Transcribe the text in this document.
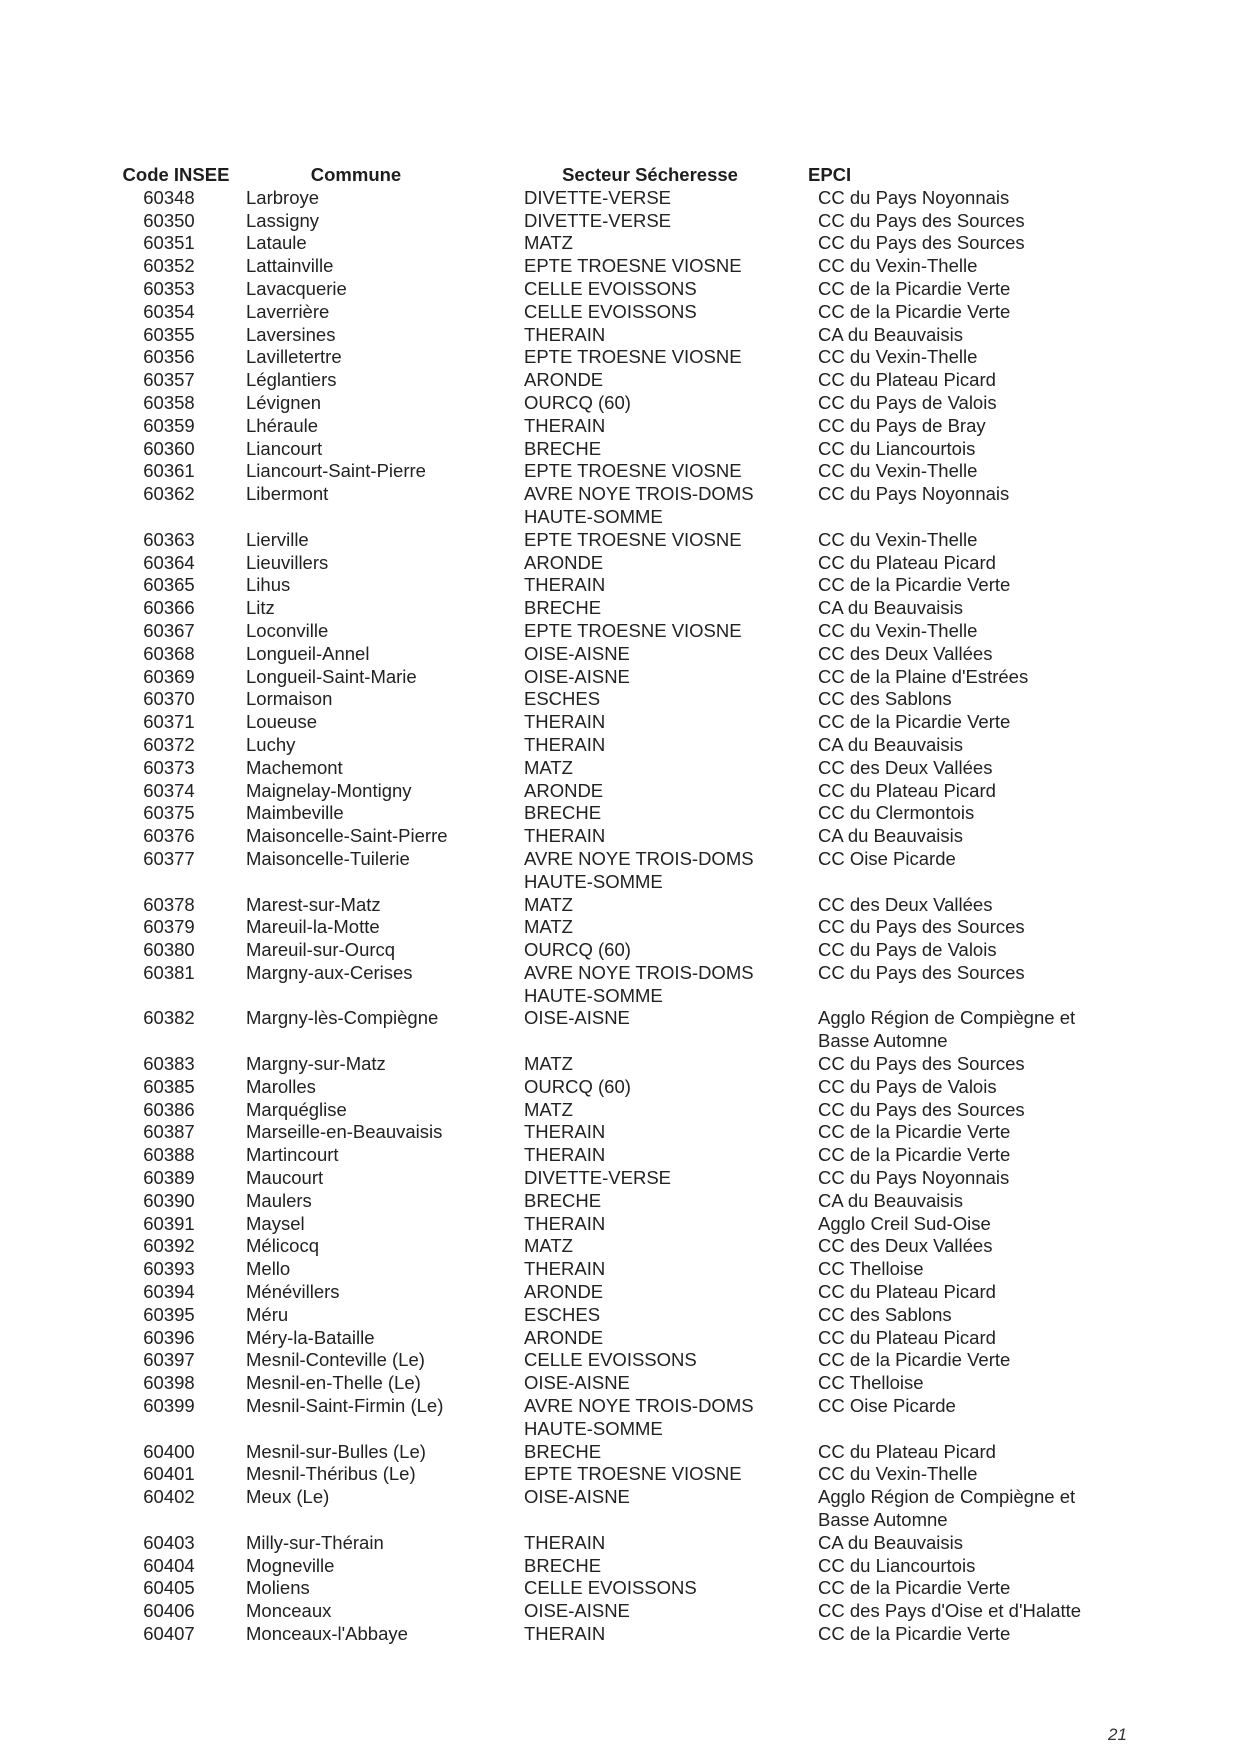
Code INSEE	Commune	Secteur Sécheresse	EPCI
60348	Larbroye	DIVETTE-VERSE	CC du Pays Noyonnais
60350	Lassigny	DIVETTE-VERSE	CC du Pays des Sources
60351	Lataule	MATZ	CC du Pays des Sources
60352	Lattainville	EPTE TROESNE VIOSNE	CC du Vexin-Thelle
60353	Lavacquerie	CELLE EVOISSONS	CC de la Picardie Verte
60354	Laverrière	CELLE EVOISSONS	CC de la Picardie Verte
60355	Laversines	THERAIN	CA du Beauvaisis
60356	Lavilletertre	EPTE TROESNE VIOSNE	CC du Vexin-Thelle
60357	Léglantiers	ARONDE	CC du Plateau Picard
60358	Lévignen	OURCQ (60)	CC du Pays de Valois
60359	Lhéraule	THERAIN	CC du Pays de Bray
60360	Liancourt	BRECHE	CC du Liancourtois
60361	Liancourt-Saint-Pierre	EPTE TROESNE VIOSNE	CC du Vexin-Thelle
60362	Libermont	AVRE NOYE TROIS-DOMS HAUTE-SOMME	CC du Pays Noyonnais
60363	Lierville	EPTE TROESNE VIOSNE	CC du Vexin-Thelle
60364	Lieuvillers	ARONDE	CC du Plateau Picard
60365	Lihus	THERAIN	CC de la Picardie Verte
60366	Litz	BRECHE	CA du Beauvaisis
60367	Loconville	EPTE TROESNE VIOSNE	CC du Vexin-Thelle
60368	Longueil-Annel	OISE-AISNE	CC des Deux Vallées
60369	Longueil-Saint-Marie	OISE-AISNE	CC de la Plaine d'Estrées
60370	Lormaison	ESCHES	CC des Sablons
60371	Loueuse	THERAIN	CC de la Picardie Verte
60372	Luchy	THERAIN	CA du Beauvaisis
60373	Machemont	MATZ	CC des Deux Vallées
60374	Maignelay-Montigny	ARONDE	CC du Plateau Picard
60375	Maimbeville	BRECHE	CC du Clermontois
60376	Maisoncelle-Saint-Pierre	THERAIN	CA du Beauvaisis
60377	Maisoncelle-Tuilerie	AVRE NOYE TROIS-DOMS HAUTE-SOMME	CC Oise Picarde
60378	Marest-sur-Matz	MATZ	CC des Deux Vallées
60379	Mareuil-la-Motte	MATZ	CC du Pays des Sources
60380	Mareuil-sur-Ourcq	OURCQ (60)	CC du Pays de Valois
60381	Margny-aux-Cerises	AVRE NOYE TROIS-DOMS HAUTE-SOMME	CC du Pays des Sources
60382	Margny-lès-Compiègne	OISE-AISNE	Agglo Région de Compiègne et Basse Automne
60383	Margny-sur-Matz	MATZ	CC du Pays des Sources
60385	Marolles	OURCQ (60)	CC du Pays de Valois
60386	Marquéglise	MATZ	CC du Pays des Sources
60387	Marseille-en-Beauvaisis	THERAIN	CC de la Picardie Verte
60388	Martincourt	THERAIN	CC de la Picardie Verte
60389	Maucourt	DIVETTE-VERSE	CC du Pays Noyonnais
60390	Maulers	BRECHE	CA du Beauvaisis
60391	Maysel	THERAIN	Agglo Creil Sud-Oise
60392	Mélicocq	MATZ	CC des Deux Vallées
60393	Mello	THERAIN	CC Thelloise
60394	Ménévillers	ARONDE	CC du Plateau Picard
60395	Méru	ESCHES	CC des Sablons
60396	Méry-la-Bataille	ARONDE	CC du Plateau Picard
60397	Mesnil-Conteville (Le)	CELLE EVOISSONS	CC de la Picardie Verte
60398	Mesnil-en-Thelle (Le)	OISE-AISNE	CC Thelloise
60399	Mesnil-Saint-Firmin (Le)	AVRE NOYE TROIS-DOMS HAUTE-SOMME	CC Oise Picarde
60400	Mesnil-sur-Bulles (Le)	BRECHE	CC du Plateau Picard
60401	Mesnil-Théribus (Le)	EPTE TROESNE VIOSNE	CC du Vexin-Thelle
60402	Meux (Le)	OISE-AISNE	Agglo Région de Compiègne et Basse Automne
60403	Milly-sur-Thérain	THERAIN	CA du Beauvaisis
60404	Mogneville	BRECHE	CC du Liancourtois
60405	Moliens	CELLE EVOISSONS	CC de la Picardie Verte
60406	Monceaux	OISE-AISNE	CC des Pays d'Oise et d'Halatte
60407	Monceaux-l'Abbaye	THERAIN	CC de la Picardie Verte
21
